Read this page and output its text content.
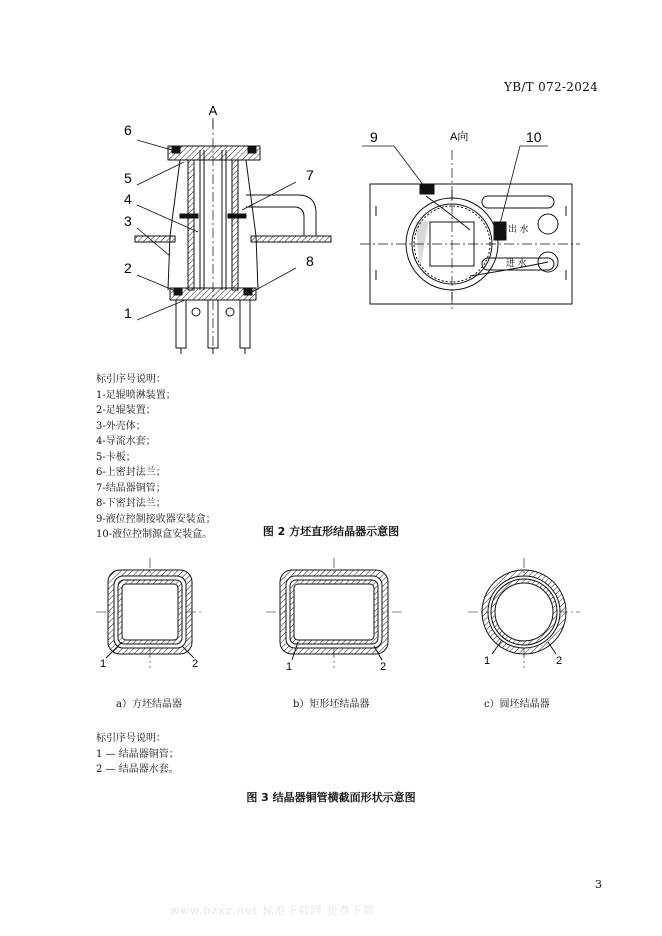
YB/T 072-2024
A
6
5
4
3
2
1
7
8
9	10
A向
出 水
进 水
标引序号说明：
1-足辊喷淋装置；
2-足辊装置；
3-外壳体；
4-导流水套；
5-卡板；
6-上密封法兰；
7-结晶器铜管；
8-下密封法兰；
9-液位控制接收器安装盒；
10-液位控制源盒安装盒。	图 2 方坯直形结晶器示意图
1	2	1	2	1	2
a）方坯结晶器	b）矩形坯结晶器	c）圆坯结晶器
标引序号说明：
1 — 结晶器铜管；
2 — 结晶器水套。
图 3 结晶器铜管横截面形状示意图
3
www.bzxz.net 标准下载网 免费下载
